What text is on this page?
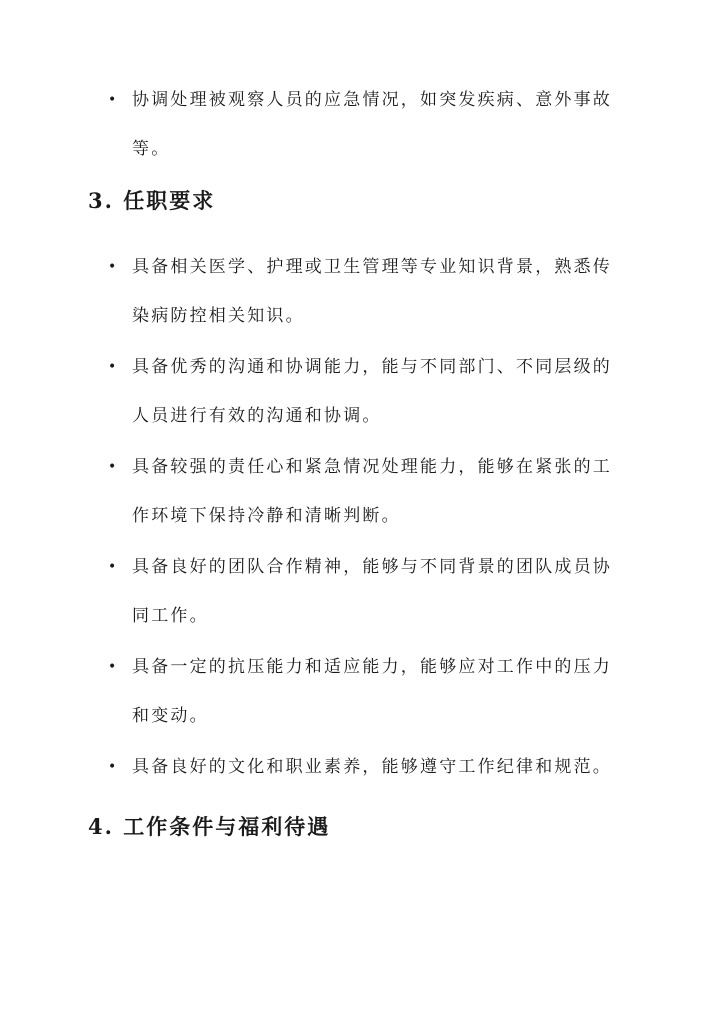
• 协调处理被观察人员的应急情况，如突发疾病、意外事故等。
3. 任职要求
• 具备相关医学、护理或卫生管理等专业知识背景，熟悉传染病防控相关知识。
• 具备优秀的沟通和协调能力，能与不同部门、不同层级的人员进行有效的沟通和协调。
• 具备较强的责任心和紧急情况处理能力，能够在紧张的工作环境下保持冷静和清晰判断。
• 具备良好的团队合作精神，能够与不同背景的团队成员协同工作。
• 具备一定的抗压能力和适应能力，能够应对工作中的压力和变动。
• 具备良好的文化和职业素养，能够遵守工作纪律和规范。
4. 工作条件与福利待遇
